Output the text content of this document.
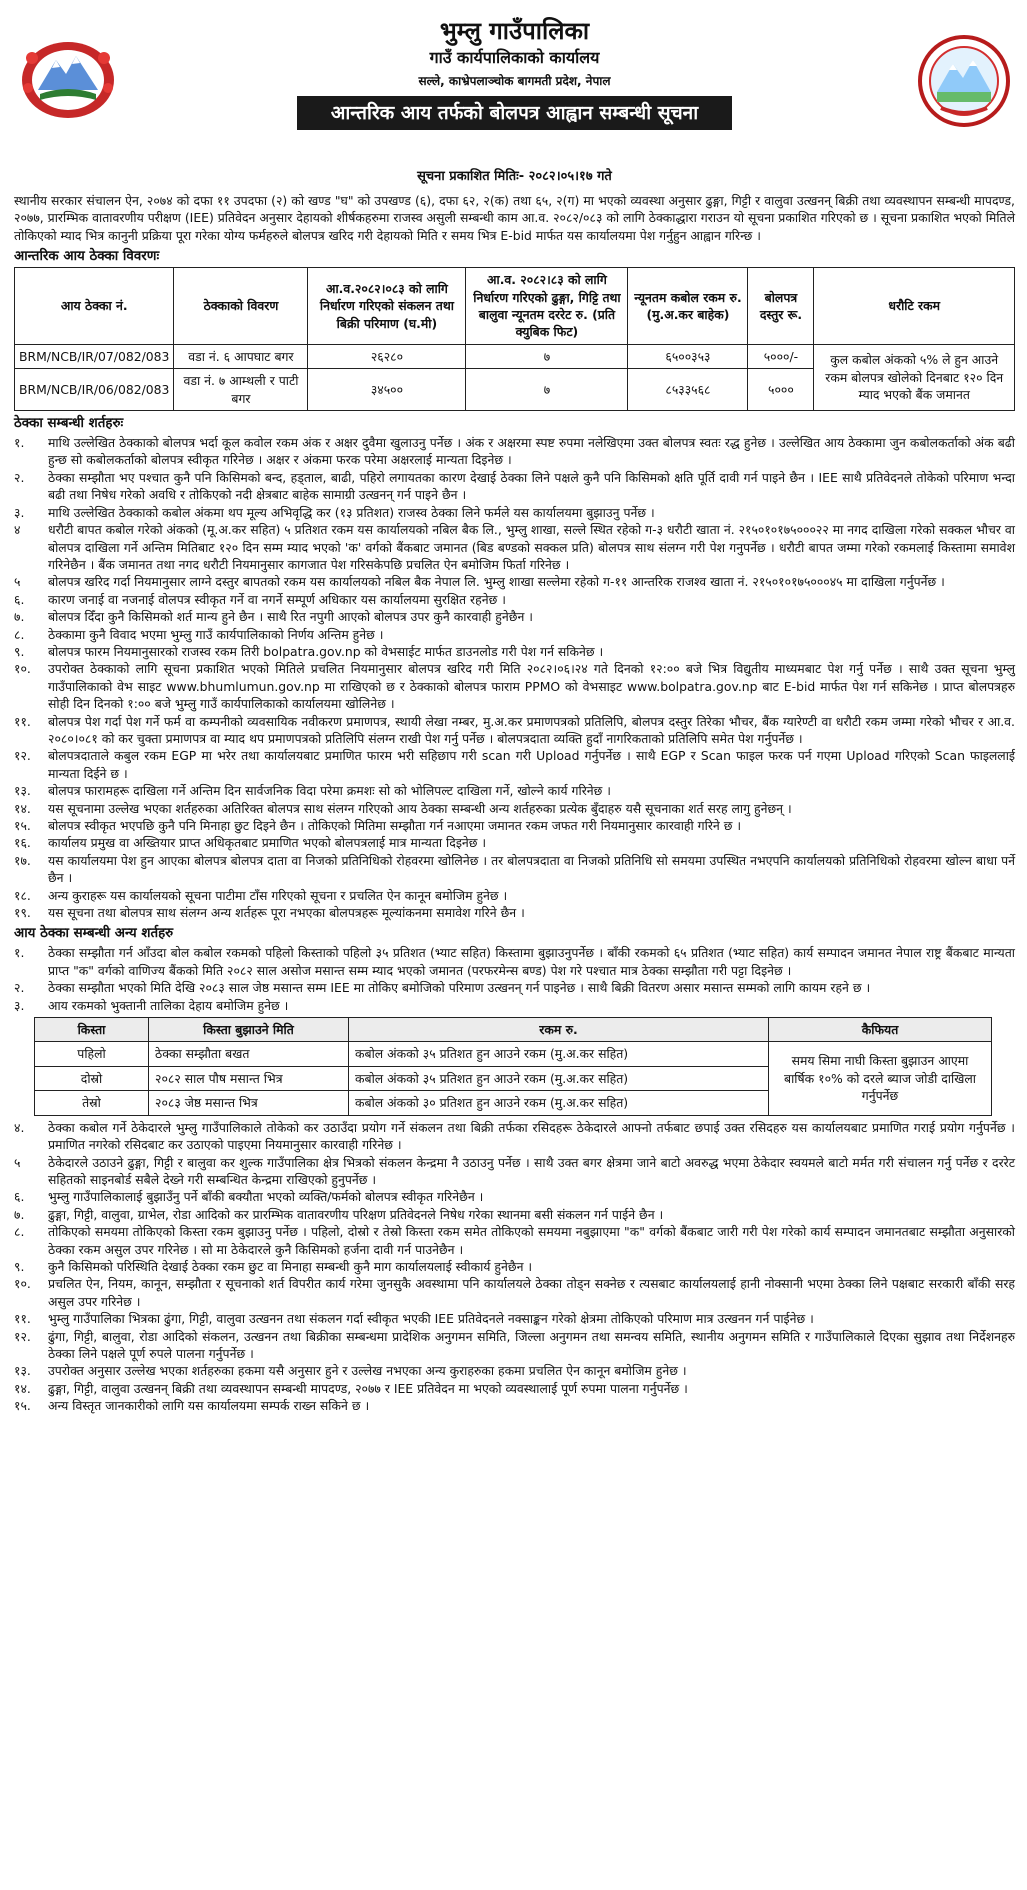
भुम्लु गाउँपालिका
गाउँ कार्यपालिकाको कार्यालय
सल्ले, काभ्रेपलाञ्चोक बागमती प्रदेश, नेपाल
आन्तरिक आय तर्फको बोलपत्र आह्वान सम्बन्धी सूचना
सूचना प्रकाशित मितिः- २०८२।०५।१७ गते

स्थानीय सरकार संचालन ऐन, २०७४ को दफा ११ उपदफा (२) को खण्ड "घ" को उपखण्ड (६), दफा ६२, २(क) तथा ६५, २(ग) मा भएको व्यवस्था अनुसार ढुङ्गा, गिट्टी र वालुवा उत्खनन् बिक्री तथा व्यवस्थापन सम्बन्धी मापदण्ड, २०७७, प्रारम्भिक वातावरणीय परीक्षण (IEE) प्रतिवेदन अनुसार देहायको शीर्षकहरुमा राजस्व असुली सम्बन्धी काम आ.व. २०८२/०८३ को लागि ठेक्काद्धारा गराउन यो सूचना प्रकाशित गरिएको छ । सूचना प्रकाशित भएको मितिले तोकिएको म्याद भित्र कानुनी प्रक्रिया पूरा गरेका योग्य फर्महरुले बोलपत्र खरिद गरी देहायको मिति र समय भित्र E-bid मार्फत यस कार्यालयमा पेश गर्नुहुन आह्वान गरिन्छ ।

आन्तरिक आय ठेक्का विवरणः
आय ठेक्का नं.	ठेक्काको विवरण	आ.व.२०८२।०८३ को लागि निर्धारण गरिएको संकलन तथा बिक्री परिमाण (घ.मी)	आ.व. २०८२।८३ को लागि निर्धारण गरिएको ढुङ्गा, गिट्टि तथा बालुवा न्यूनतम दररेट रु. (प्रति क्युबिक फिट)	न्यूनतम कबोल रकम रु. (मु.अ.कर बाहेक)	बोलपत्र दस्तुर रू.	धरौटि रकम
BRM/NCB/IR/07/082/083	वडा नं. ६ आपघाट बगर	२६२८०	७	६५००३५३	५०००/-	कुल कबोल अंकको ५% ले हुन आउने रकम बोलपत्र खोलेको दिनबाट १२० दिन म्याद भएको बैंक जमानत
BRM/NCB/IR/06/082/083	वडा नं. ७ आम्थली र पाटी बगर	३४५००	७	८५३३५६८	५०००	
ठेक्का सम्बन्धी शर्तहरुः
१.	माथि उल्लेखित ठेक्काको बोलपत्र भर्दा कूल कवोल रकम अंक र अक्षर दुवैमा खुलाउनु पर्नेछ । अंक र अक्षरमा स्पष्ट रुपमा नलेखिएमा उक्त बोलपत्र स्वतः रद्ध हुनेछ । उल्लेखित आय ठेक्कामा जुन कबोलकर्ताको अंक बढी हुन्छ सो कबोलकर्ताको बोलपत्र स्वीकृत गरिनेछ । अक्षर र अंकमा फरक परेमा अक्षरलाई मान्यता दिइनेछ ।
२.	ठेक्का सम्झौता भए पश्चात कुनै पनि किसिमको बन्द, हड्ताल, बाढी, पहिरो लगायतका कारण देखाई ठेक्का लिने पक्षले कुनै पनि किसिमको क्षति पूर्ति दावी गर्न पाइने छैन । IEE साथै प्रतिवेदनले तोकेको परिमाण भन्दा बढी तथा निषेध गरेको अवधि र तोकिएको नदी क्षेत्रबाट बाहेक सामाग्री उत्खनन् गर्न पाइने छैन ।
३.	माथि उल्लेखित ठेक्काको कबोल अंकमा थप मूल्य अभिवृद्धि कर (१३ प्रतिशत) राजस्व ठेक्का लिने फर्मले यस कार्यालयमा बुझाउनु पर्नेछ ।
४	धरौटी बापत कबोल गरेको अंकको (मू.अ.कर सहित) ५ प्रतिशत रकम यस कार्यालयको नबिल बैक लि., भुम्लु शाखा, सल्ले स्थित रहेको ग-३ धरौटी खाता नं. २१५०१०१७५०००२२ मा नगद दाखिला गरेको सक्कल भौचर वा बोलपत्र दाखिला गर्ने अन्तिम मितिबाट १२० दिन सम्म म्याद भएको 'क' वर्गको बैंकबाट जमानत (बिड बण्डको सक्कल प्रति) बोलपत्र साथ संलग्न गरी पेश गनुपर्नेछ । धरौटी बापत जम्मा गरेको रकमलाई किस्तामा समावेश गरिनेछैन । बैंक जमानत तथा नगद धरौटी नियमानुसार कागजात पेश गरिसकेपछि प्रचलित ऐन बमोजिम फिर्ता गरिनेछ ।
५	बोलपत्र खरिद गर्दा नियमानुसार लाग्ने दस्तुर बापतको रकम यस कार्यालयको नबिल बैक नेपाल लि. भुम्लु शाखा सल्लेमा रहेको ग-११ आन्तरिक राजश्व खाता नं. २१५०१०१७५०००४५ मा दाखिला गर्नुपर्नेछ ।
६.	कारण जनाई वा नजनाई वोलपत्र स्वीकृत गर्ने वा नगर्ने सम्पूर्ण अधिकार यस कार्यालयमा सुरक्षित रहनेछ ।
७.	बोलपत्र दिँदा कुनै किसिमको शर्त मान्य हुने छैन । साथै रित नपुगी आएको बोलपत्र उपर कुनै कारवाही हुनेछैन ।
८.	ठेक्कामा कुनै विवाद भएमा भुम्लु गाउँ कार्यपालिकाको निर्णय अन्तिम हुनेछ ।
९.	बोलपत्र फारम नियमानुसारको राजस्व रकम तिरी bolpatra.gov.np को वेभसाईट मार्फत डाउनलोड गरी पेश गर्न सकिनेछ ।
१०.	उपरोक्त ठेक्काको लागि सूचना प्रकाशित भएको मितिले प्रचलित नियमानुसार बोलपत्र खरिद गरी मिति २०८२।०६।२४ गते दिनको १२:०० बजे भित्र विद्युतीय माध्यमबाट पेश गर्नु पर्नेछ । साथै उक्त सूचना भुम्लु गाउँपालिकाको वेभ साइट www.bhumlumun.gov.np मा राखिएको छ र ठेक्काको बोलपत्र फाराम PPMO को वेभसाइट www.bolpatra.gov.np बाट E-bid मार्फत पेश गर्न सकिनेछ । प्राप्त बोलपत्रहरु सोही दिन दिनको १:०० बजे भुम्लु गाउँ कार्यपालिकाको कार्यालयमा खोलिनेछ ।
११.	बोलपत्र पेश गर्दा पेश गर्ने फर्म वा कम्पनीको व्यवसायिक नवीकरण प्रमाणपत्र, स्थायी लेखा नम्बर, मु.अ.कर प्रमाणपत्रको प्रतिलिपि, बोलपत्र दस्तुर तिरेका भौचर, बैंक ग्यारेण्टी वा धरौटी रकम जम्मा गरेको भौचर र आ.व. २०८०।०८१ को कर चुक्ता प्रमाणपत्र वा म्याद थप प्रमाणपत्रको प्रतिलिपि संलग्न राखी पेश गर्नु पर्नेछ । बोलपत्रदाता व्यक्ति हुदाँ नागरिकताको प्रतिलिपि समेत पेश गर्नुपर्नेछ ।
१२.	बोलपत्रदाताले कबुल रकम EGP मा भरेर तथा कार्यालयबाट प्रमाणित फारम भरी सहिछाप गरी scan गरी Upload गर्नुपर्नेछ । साथै EGP र Scan फाइल फरक पर्न गएमा Upload गरिएको Scan फाइललाई मान्यता दिईने छ ।
१३.	बोलपत्र फारामहरू दाखिला गर्ने अन्तिम दिन सार्वजनिक विदा परेमा क्रमशः सो को भोलिपल्ट दाखिला गर्ने, खोल्ने कार्य गरिनेछ ।
१४.	यस सूचनामा उल्लेख भएका शर्तहरुका अतिरिक्त बोलपत्र साथ संलग्न गरिएको आय ठेक्का सम्बन्धी अन्य शर्तहरुका प्रत्येक बुँदाहरु यसै सूचनाका शर्त सरह लागु हुनेछन् ।
१५.	बोलपत्र स्वीकृत भएपछि कुनै पनि मिनाहा छुट दिइने छैन । तोकिएको मितिमा सम्झौता गर्न नआएमा जमानत रकम जफत गरी नियमानुसार कारवाही गरिने छ ।
१६.	कार्यालय प्रमुख वा अख्तियार प्राप्त अधिकृतबाट प्रमाणित भएको बोलपत्रलाई मात्र मान्यता दिइनेछ ।
१७.	यस कार्यालयमा पेश हुन आएका बोलपत्र बोलपत्र दाता वा निजको प्रतिनिधिको रोहवरमा खोलिनेछ । तर बोलपत्रदाता वा निजको प्रतिनिधि सो समयमा उपस्थित नभएपनि कार्यालयको प्रतिनिधिको रोहवरमा खोल्न बाधा पर्ने छैन ।
१८.	अन्य कुराहरू यस कार्यालयको सूचना पाटीमा टाँस गरिएको सूचना र प्रचलित ऐन कानून बमोजिम हुनेछ ।
१९.	यस सूचना तथा बोलपत्र साथ संलग्न अन्य शर्तहरू पूरा नभएका बोलपत्रहरू मूल्यांकनमा समावेश गरिने छैन ।
आय ठेक्का सम्बन्धी अन्य शर्तहरु
१.	ठेक्का सम्झौता गर्न आँउदा बोल कबोल रकमको पहिलो किस्ताको पहिलो ३५ प्रतिशत (भ्याट सहित) किस्तामा बुझाउनुपर्नेछ । बाँकी रकमको ६५ प्रतिशत (भ्याट सहित) कार्य सम्पादन जमानत नेपाल राष्ट्र बैंकबाट मान्यता प्राप्त "क" वर्गको वाणिज्य बैंकको मिति २०८२ साल असोज मसान्त सम्म म्याद भएको जमानत (परफरमेन्स बण्ड) पेश गरे पश्चात मात्र ठेक्का सम्झौता गरी पट्टा दिइनेछ ।
२.	ठेक्का सम्झौता भएको मिति देखि २०८३ साल जेष्ठ मसान्त सम्म IEE मा तोकिए बमोजिको परिमाण उत्खनन् गर्न पाइनेछ । साथै बिक्री वितरण असार मसान्त सम्मको लागि कायम रहने छ ।
३.	आय रकमको भुक्तानी तालिका देहाय बमोजिम हुनेछ ।
किस्ता	किस्ता बुझाउने मिति	रकम रु.	कैफियत
पहिलो	ठेक्का सम्झौता बखत	कबोल अंकको ३५ प्रतिशत हुन आउने रकम (मु.अ.कर सहित)	समय सिमा नाघी किस्ता बुझाउन आएमा बार्षिक १०% को दरले ब्याज जोडी दाखिला गर्नुपर्नेछ
दोस्रो	२०८२ साल पौष मसान्त भित्र	कबोल अंकको ३५ प्रतिशत हुन आउने रकम (मु.अ.कर सहित)	
तेस्रो	२०८३ जेष्ठ मसान्त भित्र	कबोल अंकको ३० प्रतिशत हुन आउने रकम (मु.अ.कर सहित)	
४.	ठेक्का कबोल गर्ने ठेकेदारले भुम्लु गाउँपालिकाले तोकेको कर उठाउँदा प्रयोग गर्ने संकलन तथा बिक्री तर्फका रसिदहरू ठेकेदारले आफ्नो तर्फबाट छपाई उक्त रसिदहरु यस कार्यालयबाट प्रमाणित गराई प्रयोग गर्नुपर्नेछ । प्रमाणित नगरेको रसिदबाट कर उठाएको पाइएमा नियमानुसार कारवाही गरिनेछ ।
५	ठेकेदारले उठाउने ढुङ्गा, गिट्टी र बालुवा कर शुल्क गाउँपालिका क्षेत्र भित्रको संकलन केन्द्रमा नै उठाउनु पर्नेछ । साथै उक्त बगर क्षेत्रमा जाने बाटो अवरुद्ध भएमा ठेकेदार स्वयमले बाटो मर्मत गरी संचालन गर्नु पर्नेछ र दररेट सहितको साइनबोर्ड सबैले देख्ने गरी सम्बन्धित केन्द्रमा राखिएको हुनुपर्नेछ ।
६.	भुम्लु गाउँपालिकालाई बुझाउँनु पर्ने बाँकी बक्यौता भएको व्यक्ति/फर्मको बोलपत्र स्वीकृत गरिनेछैन ।
७.	ढुङ्गा, गिट्टी, वालुवा, ग्राभेल, रोडा आदिको कर प्रारम्भिक वातावरणीय परिक्षण प्रतिवेदनले निषेध गरेका स्थानमा बसी संकलन गर्न पाईने छैन ।
८.	तोकिएको समयमा तोकिएको किस्ता रकम बुझाउनु पर्नेछ । पहिलो, दोस्रो र तेस्रो किस्ता रकम समेत तोकिएको समयमा नबुझाएमा "क" वर्गको बैंकबाट जारी गरी पेश गरेको कार्य सम्पादन जमानतबाट सम्झौता अनुसारको ठेक्का रकम असुल उपर गरिनेछ । सो मा ठेकेदारले कुनै किसिमको हर्जना दावी गर्न पाउनेछैन ।
९.	कुनै किसिमको परिस्थिति देखाई ठेक्का रकम छुट वा मिनाहा सम्बन्धी कुनै माग कार्यालयलाई स्वीकार्य हुनेछैन ।
१०.	प्रचलित ऐन, नियम, कानून, सम्झौता र सूचनाको शर्त विपरीत कार्य गरेमा जुनसुकै अवस्थामा पनि कार्यालयले ठेक्का तोड्न सक्नेछ र त्यसबाट कार्यालयलाई हानी नोक्सानी भएमा ठेक्का लिने पक्षबाट सरकारी बाँकी सरह असुल उपर गरिनेछ ।
११.	भुम्लु गाउँपालिका भित्रका ढुंगा, गिट्टी, वालुवा उत्खनन तथा संकलन गर्दा स्वीकृत भएकी IEE प्रतिवेदनले नक्साङ्कन गरेको क्षेत्रमा तोकिएको परिमाण मात्र उत्खनन गर्न पाईनेछ ।
१२.	ढुंगा, गिट्टी, बालुवा, रोडा आदिको संकलन, उत्खनन तथा बिक्रीका सम्बन्धमा प्रादेशिक अनुगमन समिति, जिल्ला अनुगमन तथा समन्वय समिति, स्थानीय अनुगमन समिति र गाउँपालिकाले दिएका सुझाव तथा निर्देशनहरु ठेक्का लिने पक्षले पूर्ण रुपले पालना गर्नुपर्नेछ ।
१३.	उपरोक्त अनुसार उल्लेख भएका शर्तहरुका हकमा यसै अनुसार हुने र उल्लेख नभएका अन्य कुराहरुका हकमा प्रचलित ऐन कानून बमोजिम हुनेछ ।
१४.	ढुङ्गा, गिट्टी, वालुवा उत्खनन् बिक्री तथा व्यवस्थापन सम्बन्धी मापदण्ड, २०७७ र IEE प्रतिवेदन मा भएको व्यवस्थालाई पूर्ण रुपमा पालना गर्नुपर्नेछ ।
१५.	अन्य विस्तृत जानकारीको लागि यस कार्यालयमा सम्पर्क राख्न सकिने छ ।
